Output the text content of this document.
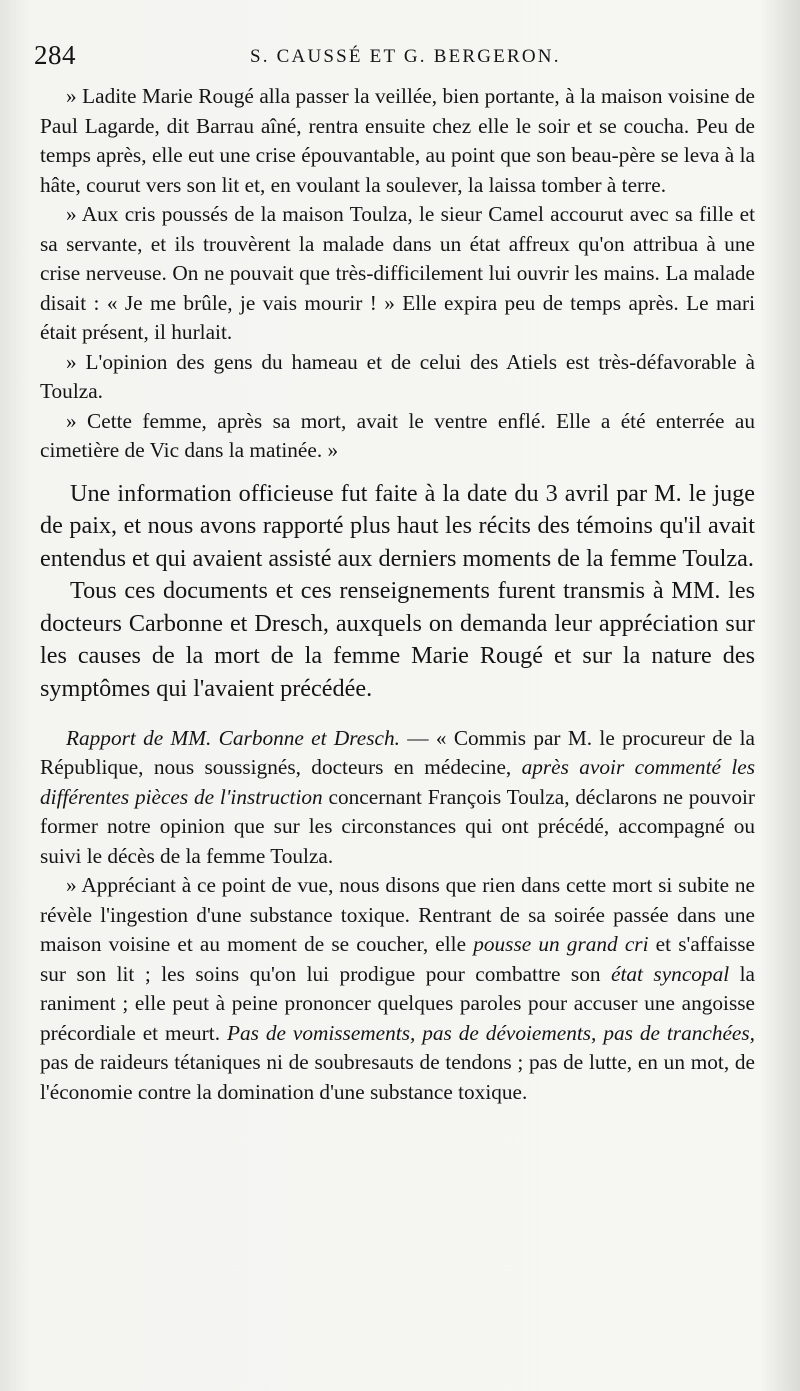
284	S. CAUSSÉ ET G. BERGERON.

» Ladite Marie Rougé alla passer la veillée, bien portante, à la maison voisine de Paul Lagarde, dit Barrau aîné, rentra ensuite chez elle le soir et se coucha. Peu de temps après, elle eut une crise épouvantable, au point que son beau-père se leva à la hâte, courut vers son lit et, en voulant la soulever, la laissa tomber à terre.

» Aux cris poussés de la maison Toulza, le sieur Camel accourut avec sa fille et sa servante, et ils trouvèrent la malade dans un état affreux qu'on attribua à une crise nerveuse. On ne pouvait que très-difficilement lui ouvrir les mains. La malade disait : « Je me brûle, je vais mourir ! » Elle expira peu de temps après. Le mari était présent, il hurlait.

» L'opinion des gens du hameau et de celui des Atiels est très-défavorable à Toulza.

» Cette femme, après sa mort, avait le ventre enflé. Elle a été enterrée au cimetière de Vic dans la matinée. »

Une information officieuse fut faite à la date du 3 avril par M. le juge de paix, et nous avons rapporté plus haut les récits des témoins qu'il avait entendus et qui avaient assisté aux derniers moments de la femme Toulza.

Tous ces documents et ces renseignements furent transmis à MM. les docteurs Carbonne et Dresch, auxquels on demanda leur appréciation sur les causes de la mort de la femme Marie Rougé et sur la nature des symptômes qui l'avaient précédée.

Rapport de MM. Carbonne et Dresch. — « Commis par M. le procureur de la République, nous soussignés, docteurs en médecine, après avoir commenté les différentes pièces de l'instruction concernant François Toulza, déclarons ne pouvoir former notre opinion que sur les circonstances qui ont précédé, accompagné ou suivi le décès de la femme Toulza.

» Appréciant à ce point de vue, nous disons que rien dans cette mort si subite ne révèle l'ingestion d'une substance toxique. Rentrant de sa soirée passée dans une maison voisine et au moment de se coucher, elle pousse un grand cri et s'affaisse sur son lit ; les soins qu'on lui prodigue pour combattre son état syncopal la raniment ; elle peut à peine prononcer quelques paroles pour accuser une angoisse précordiale et meurt. Pas de vomissements, pas de dévoiements, pas de tranchées, pas de raideurs tétaniques ni de soubresauts de tendons ; pas de lutte, en un mot, de l'économie contre la domination d'une substance toxique.
